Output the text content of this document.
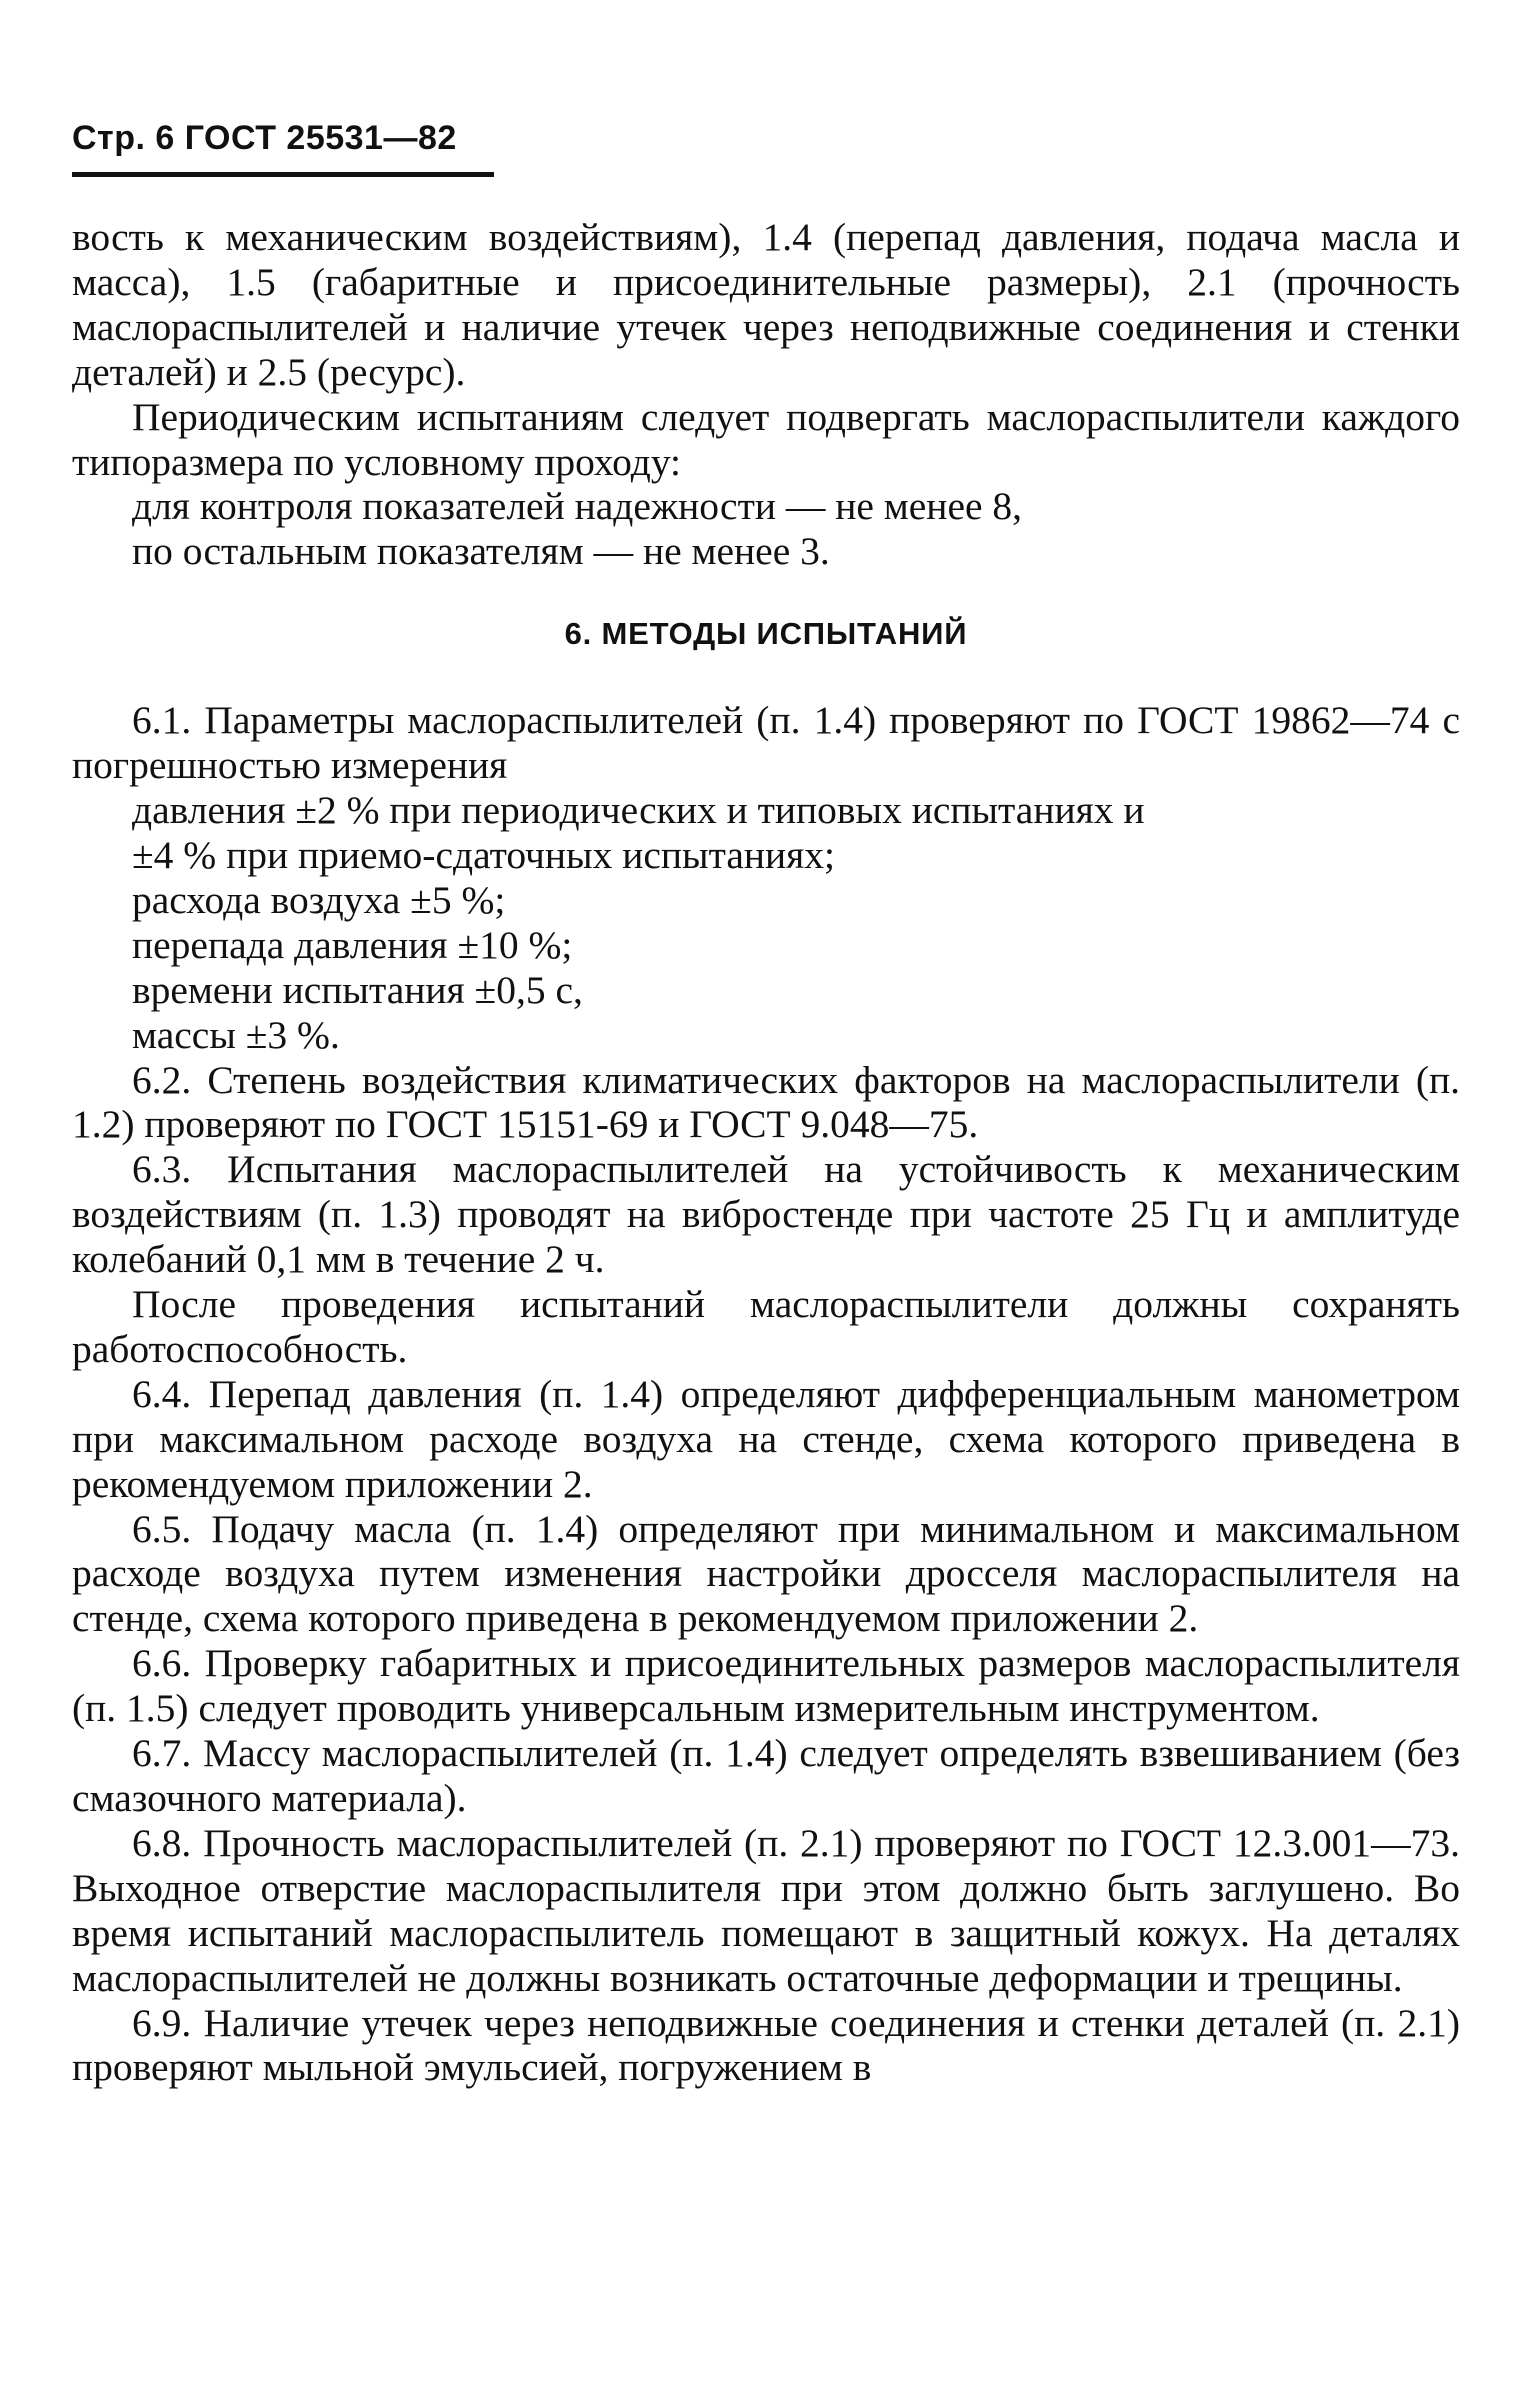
Стр. 6 ГОСТ 25531—82

вость к механическим воздействиям), 1.4 (перепад давления, подача масла и масса), 1.5 (габаритные и присоединительные размеры), 2.1 (прочность маслораспылителей и наличие утечек через неподвижные соединения и стенки деталей) и 2.5 (ресурс).

Периодическим испытаниям следует подвергать маслораспылители каждого типоразмера по условному проходу:

для контроля показателей надежности — не менее 8,
по остальным показателям — не менее 3.
6. МЕТОДЫ ИСПЫТАНИЙ

6.1. Параметры маслораспылителей (п. 1.4) проверяют по ГОСТ 19862—74 с погрешностью измерения

давления ±2 % при периодических и типовых испытаниях и
±4 % при приемо-сдаточных испытаниях;
расхода воздуха ±5 %;
перепада давления ±10 %;
времени испытания ±0,5 с,
массы ±3 %.

6.2. Степень воздействия климатических факторов на маслораспылители (п. 1.2) проверяют по ГОСТ 15151-69 и ГОСТ 9.048—75.

6.3. Испытания маслораспылителей на устойчивость к механическим воздействиям (п. 1.3) проводят на вибростенде при частоте 25 Гц и амплитуде колебаний 0,1 мм в течение 2 ч.

После проведения испытаний маслораспылители должны сохранять работоспособность.

6.4. Перепад давления (п. 1.4) определяют дифференциальным манометром при максимальном расходе воздуха на стенде, схема которого приведена в рекомендуемом приложении 2.

6.5. Подачу масла (п. 1.4) определяют при минимальном и максимальном расходе воздуха путем изменения настройки дросселя маслораспылителя на стенде, схема которого приведена в рекомендуемом приложении 2.

6.6. Проверку габаритных и присоединительных размеров маслораспылителя (п. 1.5) следует проводить универсальным измерительным инструментом.

6.7. Массу маслораспылителей (п. 1.4) следует определять взвешиванием (без смазочного материала).

6.8. Прочность маслораспылителей (п. 2.1) проверяют по ГОСТ 12.3.001—73. Выходное отверстие маслораспылителя при этом должно быть заглушено. Во время испытаний маслораспылитель помещают в защитный кожух. На деталях маслораспылителей не должны возникать остаточные деформации и трещины.

6.9. Наличие утечек через неподвижные соединения и стенки деталей (п. 2.1) проверяют мыльной эмульсией, погружением в
